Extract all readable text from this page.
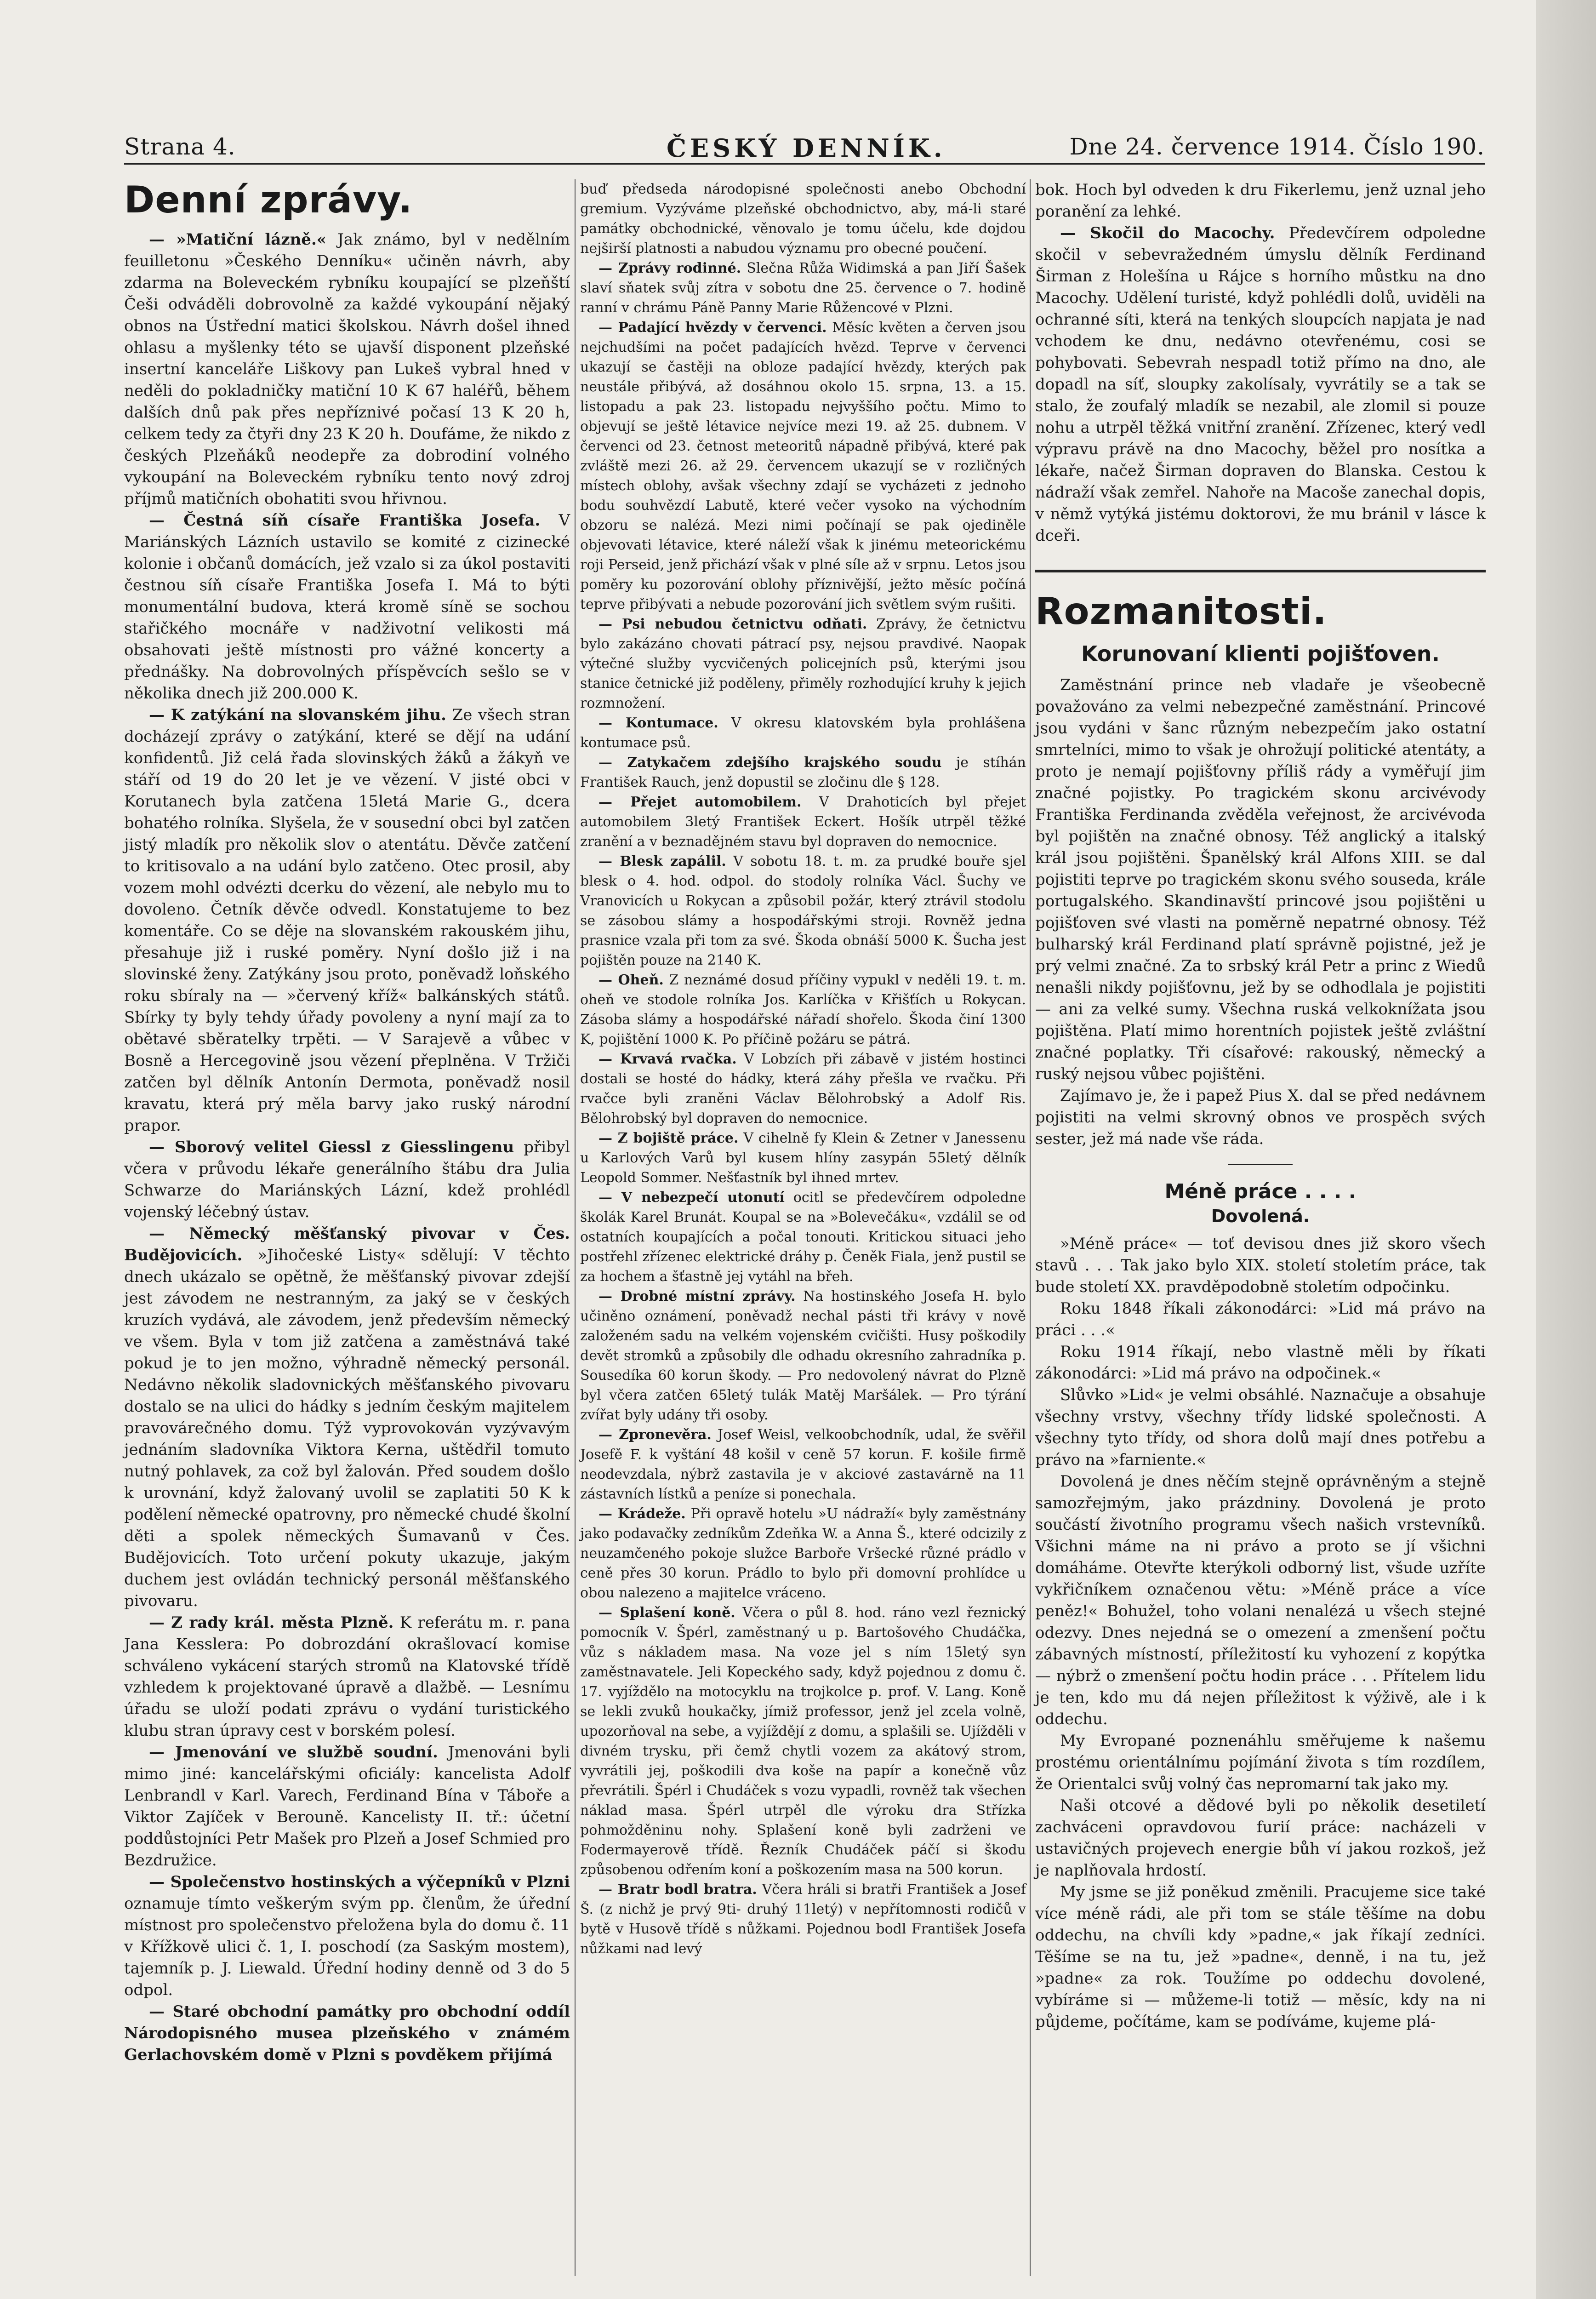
Strana 4.	ČESKÝ DENNÍK.	Dne 24. července 1914. Číslo 190.
Denní zprávy.

— »Matiční lázně.« Jak známo, byl v nedělním feuilletonu »Českého Denníku« učiněn návrh, aby zdarma na Boleveckém rybníku koupající se plzeňští Češi odváděli dobrovolně za každé vykoupání nějaký obnos na Ústřední matici školskou. Návrh došel ihned ohlasu a myšlenky této se ujavší disponent plzeňské insertní kanceláře Liškovy pan Lukeš vybral hned v neděli do pokladničky matiční 10 K 67 haléřů, během dalších dnů pak přes nepříznivé počasí 13 K 20 h, celkem tedy za čtyři dny 23 K 20 h. Doufáme, že nikdo z českých Plzeňáků neodepře za dobrodiní volného vykoupání na Boleveckém rybníku tento nový zdroj příjmů matičních obohatiti svou hřivnou.

— Čestná síň císaře Františka Josefa. V Mariánských Lázních ustavilo se komité z cizinecké kolonie i občanů domácích, jež vzalo si za úkol postaviti čestnou síň císaře Františka Josefa I. Má to býti monumentální budova, která kromě síně se sochou stařičkého mocnáře v nadživotní velikosti má obsahovati ještě místnosti pro vážné koncerty a přednášky. Na dobrovolných příspěvcích sešlo se v několika dnech již 200.000 K.

— K zatýkání na slovanském jihu. Ze všech stran docházejí zprávy o zatýkání, které se dějí na udání konfidentů. Již celá řada slovinských žáků a žákyň ve stáří od 19 do 20 let je ve vězení. V jisté obci v Korutanech byla zatčena 15letá Marie G., dcera bohatého rolníka. Slyšela, že v sousední obci byl zatčen jistý mladík pro několik slov o atentátu. Děvče zatčení to kritisovalo a na udání bylo zatčeno. Otec prosil, aby vozem mohl odvézti dcerku do vězení, ale nebylo mu to dovoleno. Četník děvče odvedl. Konstatujeme to bez komentáře. Co se děje na slovanském rakouském jihu, přesahuje již i ruské poměry. Nyní došlo již i na slovinské ženy. Zatýkány jsou proto, poněvadž loňského roku sbíraly na — »červený kříž« balkánských států. Sbírky ty byly tehdy úřady povoleny a nyní mají za to obětavé sběratelky trpěti. — V Sarajevě a vůbec v Bosně a Hercegovině jsou vězení přeplněna. V Tržiči zatčen byl dělník Antonín Dermota, poněvadž nosil kravatu, která prý měla barvy jako ruský národní prapor.

— Sborový velitel Giessl z Giesslingenu přibyl včera v průvodu lékaře generálního štábu dra Julia Schwarze do Mariánských Lázní, kdež prohlédl vojenský léčebný ústav.

— Německý měšťanský pivovar v Čes. Budějovicích. »Jihočeské Listy« sdělují: V těchto dnech ukázalo se opětně, že měšťanský pivovar zdejší jest závodem ne nestranným, za jaký se v českých kruzích vydává, ale závodem, jenž především německý ve všem. Byla v tom již zatčena a zaměstnává také pokud je to jen možno, výhradně německý personál. Nedávno několik sladovnických měšťanského pivovaru dostalo se na ulici do hádky s jedním českým majitelem pravovárečného domu. Týž vyprovokován vyzývavým jednáním sladovníka Viktora Kerna, uštědřil tomuto nutný pohlavek, za což byl žalován. Před soudem došlo k urovnání, když žalovaný uvolil se zaplatiti 50 K k podělení německé opatrovny, pro německé chudé školní děti a spolek německých Šumavanů v Čes. Budějovicích. Toto určení pokuty ukazuje, jakým duchem jest ovládán technický personál měšťanského pivovaru.

— Z rady král. města Plzně. K referátu m. r. pana Jana Kesslera: Po dobrozdání okrašlovací komise schváleno vykácení starých stromů na Klatovské třídě vzhledem k projektované úpravě a dlažbě. — Lesnímu úřadu se uloží podati zprávu o vydání turistického klubu stran úpravy cest v borském polesí.

— Jmenování ve službě soudní. Jmenováni byli mimo jiné: kancelářskými oficiály: kancelista Adolf Lenbrandl v Karl. Varech, Ferdinand Bína v Táboře a Viktor Zajíček v Berouně. Kancelisty II. tř.: účetní poddůstojníci Petr Mašek pro Plzeň a Josef Schmied pro Bezdružice.

— Společenstvo hostinských a výčepníků v Plzni oznamuje tímto veškerým svým pp. členům, že úřední místnost pro společenstvo přeložena byla do domu č. 11 v Křížkově ulici č. 1, I. poschodí (za Saským mostem), tajemník p. J. Liewald. Úřední hodiny denně od 3 do 5 odpol.

— Staré obchodní památky pro obchodní oddíl Národopisného musea plzeňského v známém Gerlachovském domě v Plzni s povděkem přijímá

buď předseda národopisné společnosti anebo Obchodní gremium. Vyzýváme plzeňské obchodnictvo, aby, má-li staré památky obchodnické, věnovalo je tomu účelu, kde dojdou nejširší platnosti a nabudou významu pro obecné poučení.

— Zprávy rodinné. Slečna Růža Widimská a pan Jiří Šašek slaví sňatek svůj zítra v sobotu dne 25. července o 7. hodině ranní v chrámu Páně Panny Marie Růžencové v Plzni.

— Padající hvězdy v červenci. Měsíc květen a červen jsou nejchudšími na počet padajících hvězd. Teprve v červenci ukazují se častěji na obloze padající hvězdy, kterých pak neustále přibývá, až dosáhnou okolo 15. srpna, 13. a 15. listopadu a pak 23. listopadu nejvyššího počtu. Mimo to objevují se ještě létavice nejvíce mezi 19. až 25. dubnem. V červenci od 23. četnost meteoritů nápadně přibývá, které pak zvláště mezi 26. až 29. červencem ukazují se v rozličných místech oblohy, avšak všechny zdají se vycházeti z jednoho bodu souhvězdí Labutě, které večer vysoko na východním obzoru se nalézá. Mezi nimi počínají se pak ojediněle objevovati létavice, které náleží však k jinému meteorickému roji Perseid, jenž přichází však v plné síle až v srpnu. Letos jsou poměry ku pozorování oblohy příznivější, ježto měsíc počíná teprve přibývati a nebude pozorování jich světlem svým rušiti.

— Psi nebudou četnictvu odňati. Zprávy, že četnictvu bylo zakázáno chovati pátrací psy, nejsou pravdivé. Naopak výtečné služby vycvičených policejních psů, kterými jsou stanice četnické již poděleny, přiměly rozhodující kruhy k jejich rozmnožení.

— Kontumace. V okresu klatovském byla prohlášena kontumace psů.

— Zatykačem zdejšího krajského soudu je stíhán František Rauch, jenž dopustil se zločinu dle § 128.

— Přejet automobilem. V Drahoticích byl přejet automobilem 3letý František Eckert. Hošík utrpěl těžké zranění a v beznadějném stavu byl dopraven do nemocnice.

— Blesk zapálil. V sobotu 18. t. m. za prudké bouře sjel blesk o 4. hod. odpol. do stodoly rolníka Václ. Šuchy ve Vranovicích u Rokycan a způsobil požár, který ztrávil stodolu se zásobou slámy a hospodářskými stroji. Rovněž jedna prasnice vzala při tom za své. Škoda obnáší 5000 K. Šucha jest pojištěn pouze na 2140 K.

— Oheň. Z neznámé dosud příčiny vypukl v neděli 19. t. m. oheň ve stodole rolníka Jos. Karlíčka v Křišťích u Rokycan. Zásoba slámy a hospodářské nářadí shořelo. Škoda činí 1300 K, pojištění 1000 K. Po příčině požáru se pátrá.

— Krvavá rvačka. V Lobzích při zábavě v jistém hostinci dostali se hosté do hádky, která záhy přešla ve rvačku. Při rvačce byli zraněni Václav Bělohrobský a Adolf Ris. Bělohrobský byl dopraven do nemocnice.

— Z bojiště práce. V cihelně fy Klein & Zetner v Janessenu u Karlových Varů byl kusem hlíny zasypán 55letý dělník Leopold Sommer. Nešťastník byl ihned mrtev.

— V nebezpečí utonutí ocitl se předevčírem odpoledne školák Karel Brunát. Koupal se na »Bolevečáku«, vzdálil se od ostatních koupajících a počal tonouti. Kritickou situaci jeho postřehl zřízenec elektrické dráhy p. Čeněk Fiala, jenž pustil se za hochem a šťastně jej vytáhl na břeh.

— Drobné místní zprávy. Na hostinského Josefa H. bylo učiněno oznámení, poněvadž nechal pásti tři krávy v nově založeném sadu na velkém vojenském cvičišti. Husy poškodily devět stromků a způsobily dle odhadu okresního zahradníka p. Sousedíka 60 korun škody. — Pro nedovolený návrat do Plzně byl včera zatčen 65letý tulák Matěj Maršálek. — Pro týrání zvířat byly udány tři osoby.

— Zpronevěra. Josef Weisl, velkoobchodník, udal, že svěřil Josefě F. k vyštání 48 košil v ceně 57 korun. F. košile firmě neodevzdala, nýbrž zastavila je v akciové zastavárně na 11 zástavních lístků a peníze si ponechala.

— Krádeže. Při opravě hotelu »U nádraží« byly zaměstnány jako podavačky zedníkům Zdeňka W. a Anna Š., které odcizily z neuzamčeného pokoje služce Barboře Vršecké různé prádlo v ceně přes 30 korun. Prádlo to bylo při domovní prohlídce u obou nalezeno a majitelce vráceno.

— Splašení koně. Včera o půl 8. hod. ráno vezl řeznický pomocník V. Špérl, zaměstnaný u p. Bartošového Chudáčka, vůz s nákladem masa. Na voze jel s ním 15letý syn zaměstnavatele. Jeli Kopeckého sady, když pojednou z domu č. 17. vyjíždělo na motocyklu na trojkolce p. prof. V. Lang. Koně se lekli zvuků houkačky, jímiž professor, jenž jel zcela volně, upozorňoval na sebe, a vyjíždějí z domu, a splašili se. Ujížděli v divném trysku, při čemž chytli vozem za akátový strom, vyvrátili jej, poškodili dva koše na papír a konečně vůz převrátili. Špérl i Chudáček s vozu vypadli, rovněž tak všechen náklad masa. Špérl utrpěl dle výroku dra Střízka pohmožděninu nohy. Splašení koně byli zadrženi ve Fodermayerově třídě. Řezník Chudáček páčí si škodu způsobenou odřením koní a poškozením masa na 500 korun.

— Bratr bodl bratra. Včera hráli si bratři František a Josef Š. (z nichž je prvý 9ti- druhý 11letý) v nepřítomnosti rodičů v bytě v Husově třídě s nůžkami. Pojednou bodl František Josefa nůžkami nad levý

bok. Hoch byl odveden k dru Fikerlemu, jenž uznal jeho poranění za lehké.

— Skočil do Macochy. Předevčírem odpoledne skočil v sebevražedném úmyslu dělník Ferdinand Širman z Holešína u Rájce s horního můstku na dno Macochy. Udělení turisté, když pohlédli dolů, uviděli na ochranné síti, která na tenkých sloupcích napjata je nad vchodem ke dnu, nedávno otevřenému, cosi se pohybovati. Sebevrah nespadl totiž přímo na dno, ale dopadl na síť, sloupky zakolísaly, vyvrátily se a tak se stalo, že zoufalý mladík se nezabil, ale zlomil si pouze nohu a utrpěl těžká vnitřní zranění. Zřízenec, který vedl výpravu právě na dno Macochy, běžel pro nosítka a lékaře, načež Širman dopraven do Blanska. Cestou k nádraží však zemřel. Nahoře na Macoše zanechal dopis, v němž vytýká jistému doktorovi, že mu bránil v lásce k dceři.

Rozmanitosti.
Korunovaní klienti pojišťoven.

Zaměstnání prince neb vladaře je všeobecně považováno za velmi nebezpečné zaměstnání. Princové jsou vydáni v šanc různým nebezpečím jako ostatní smrtelníci, mimo to však je ohrožují politické atentáty, a proto je nemají pojišťovny příliš rády a vyměřují jim značné pojistky. Po tragickém skonu arcivévody Františka Ferdinanda zvěděla veřejnost, že arcivévoda byl pojištěn na značné obnosy. Též anglický a italský král jsou pojištěni. Španělský král Alfons XIII. se dal pojistiti teprve po tragickém skonu svého souseda, krále portugalského. Skandinavští princové jsou pojištěni u pojišťoven své vlasti na poměrně nepatrné obnosy. Též bulharský král Ferdinand platí správně pojistné, jež je prý velmi značné. Za to srbský král Petr a princ z Wiedů nenašli nikdy pojišťovnu, jež by se odhodlala je pojistiti — ani za velké sumy. Všechna ruská velkoknížata jsou pojištěna. Platí mimo horentních pojistek ještě zvláštní značné poplatky. Tři císařové: rakouský, německý a ruský nejsou vůbec pojištěni.

Zajímavo je, že i papež Pius X. dal se před nedávnem pojistiti na velmi skrovný obnos ve prospěch svých sester, jež má nade vše ráda.

Méně práce . . . .
Dovolená.

»Méně práce« — toť devisou dnes již skoro všech stavů . . . Tak jako bylo XIX. století stoletím práce, tak bude století XX. pravděpodobně stoletím odpočinku.

Roku 1848 říkali zákonodárci: »Lid má právo na práci . . .«

Roku 1914 říkají, nebo vlastně měli by říkati zákonodárci: »Lid má právo na odpočinek.«

Slůvko »Lid« je velmi obsáhlé. Naznačuje a obsahuje všechny vrstvy, všechny třídy lidské společnosti. A všechny tyto třídy, od shora dolů mají dnes potřebu a právo na »farniente.«

Dovolená je dnes něčím stejně oprávněným a stejně samozřejmým, jako prázdniny. Dovolená je proto součástí životního programu všech našich vrstevníků. Všichni máme na ni právo a proto se jí všichni domáháme. Otevřte kterýkoli odborný list, všude uzříte vykřičníkem označenou větu: »Méně práce a více peněz!« Bohužel, toho volani nenalézá u všech stejné odezvy. Dnes nejedná se o omezení a zmenšení počtu zábavných místností, příležitostí ku vyhození z kopýtka — nýbrž o zmenšení počtu hodin práce . . . Přítelem lidu je ten, kdo mu dá nejen příležitost k výživě, ale i k oddechu.

My Evropané poznenáhlu směřujeme k našemu prostému orientálnímu pojímání života s tím rozdílem, že Orientalci svůj volný čas nepromarní tak jako my.

Naši otcové a dědové byli po několik desetiletí zachváceni opravdovou furií práce: nacházeli v ustavičných projevech energie bůh ví jakou rozkoš, jež je naplňovala hrdostí.

My jsme se již poněkud změnili. Pracujeme sice také více méně rádi, ale při tom se stále těšíme na dobu oddechu, na chvíli kdy »padne,« jak říkají zedníci. Těšíme se na tu, jež »padne«, denně, i na tu, jež »padne« za rok. Toužíme po oddechu dovolené, vybíráme si — můžeme-li totiž — měsíc, kdy na ni půjdeme, počítáme, kam se podíváme, kujeme plá-
